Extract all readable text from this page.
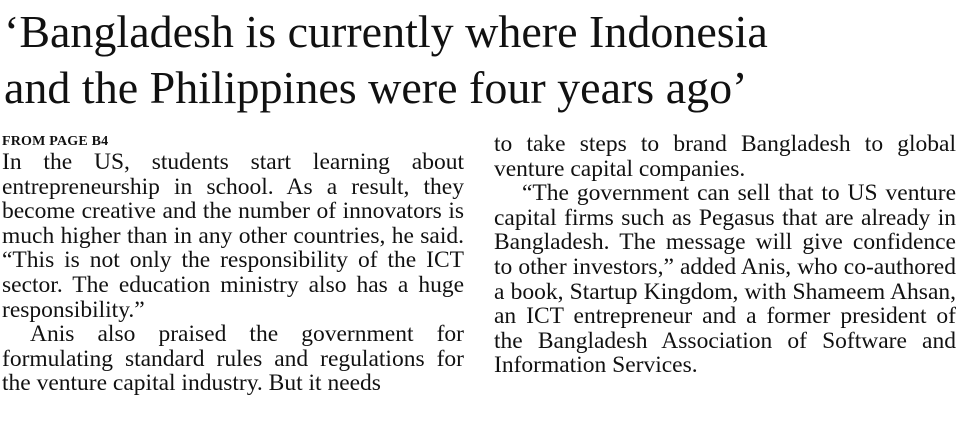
‘Bangladesh is currently where Indonesia
and the Philippines were four years ago’
FROM PAGE B4

In the US, students start learning about entrepreneurship in school. As a result, they become creative and the number of innovators is much higher than in any other countries, he said. “This is not only the responsibility of the ICT sector. The education ministry also has a huge responsibility.”

Anis also praised the government for formulating standard rules and regulations for the venture capital industry. But it needs

to take steps to brand Bangladesh to global venture capital companies.

“The government can sell that to US venture capital firms such as Pegasus that are already in Bangladesh. The message will give confidence to other investors,” added Anis, who co-authored a book, Startup Kingdom, with Shameem Ahsan, an ICT entrepreneur and a former president of the Bangladesh Association of Software and Information Services.
